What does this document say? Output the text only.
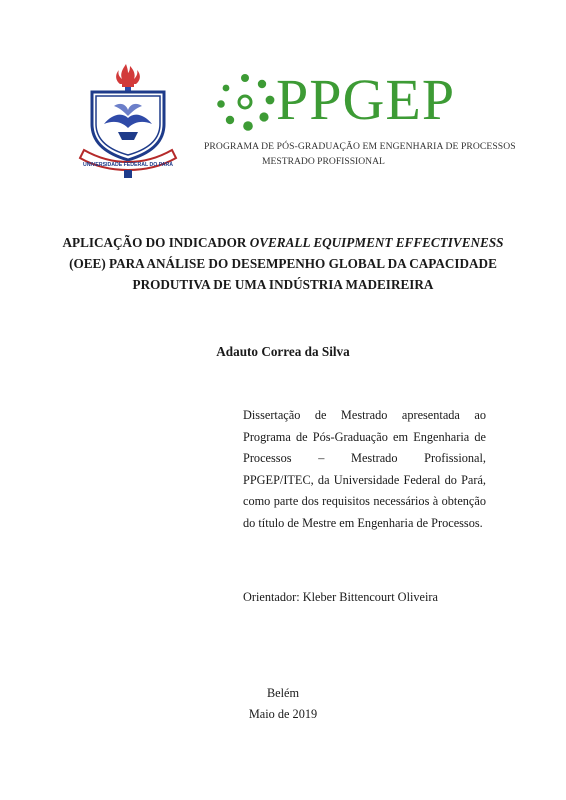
UNIVERSIDADE FEDERAL DO PARÁ
PPGEP
PROGRAMA DE PÓS-GRADUAÇÃO EM ENGENHARIA DE PROCESSOS
MESTRADO PROFISSIONAL

APLICAÇÃO DO INDICADOR OVERALL EQUIPMENT EFFECTIVENESS
(OEE) PARA ANÁLISE DO DESEMPENHO GLOBAL DA CAPACIDADE
PRODUTIVA DE UMA INDÚSTRIA MADEIREIRA

Adauto Correa da Silva

Dissertação de Mestrado apresentada ao Programa de Pós-Graduação em Engenharia de Processos – Mestrado Profissional, PPGEP/ITEC, da Universidade Federal do Pará, como parte dos requisitos necessários à obtenção do título de Mestre em Engenharia de Processos.

Orientador: Kleber Bittencourt Oliveira
Belém
Maio de 2019
